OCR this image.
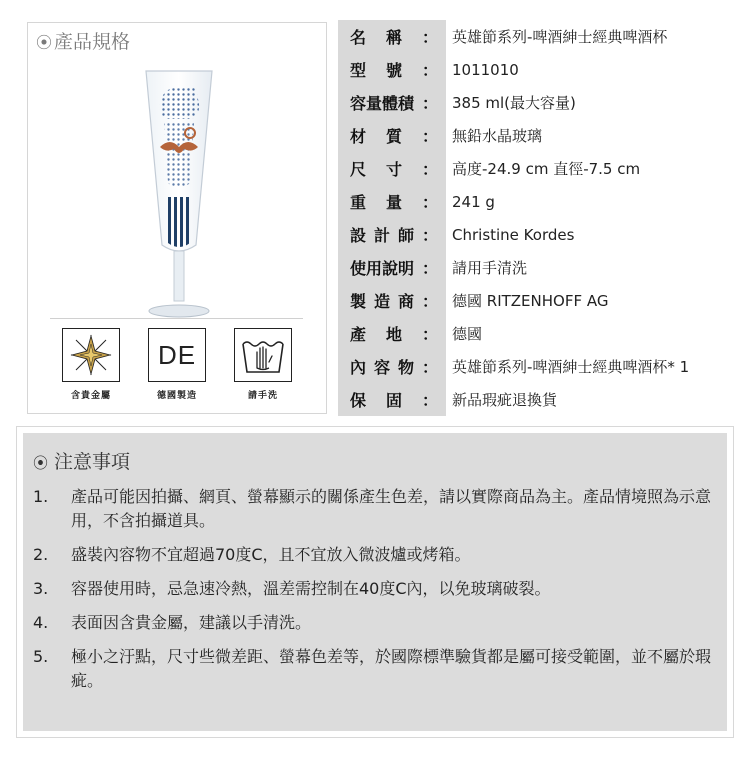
⦿ 產品規格
含貴金屬
DE
德國製造	請手洗
名 稱 ： 英雄節系列-啤酒紳士經典啤酒杯
型 號 ： 1011010
容量體積 ： 385 ml(最大容量)
材 質 ： 無鉛水晶玻璃
尺 寸 ： 高度-24.9 cm 直徑-7.5 cm
重 量 ： 241 g
設 計 師 ： Christine Kordes
使用說明 ： 請用手清洗
製 造 商 ： 德國 RITZENHOFF AG
產 地 ： 德國
內 容 物 ： 英雄節系列-啤酒紳士經典啤酒杯* 1
保 固 ： 新品瑕疵退換貨
⦿ 注意事項
1. 產品可能因拍攝、網頁、螢幕顯示的關係產生色差，請以實際商品為主。產品情境照為示意用，不含拍攝道具。
2. 盛裝內容物不宜超過70度C，且不宜放入微波爐或烤箱。
3. 容器使用時，忌急速冷熱，溫差需控制在40度C內，以免玻璃破裂。
4. 表面因含貴金屬，建議以手清洗。
5. 極小之汙點，尺寸些微差距、螢幕色差等，於國際標準驗貨都是屬可接受範圍，並不屬於瑕疵。
